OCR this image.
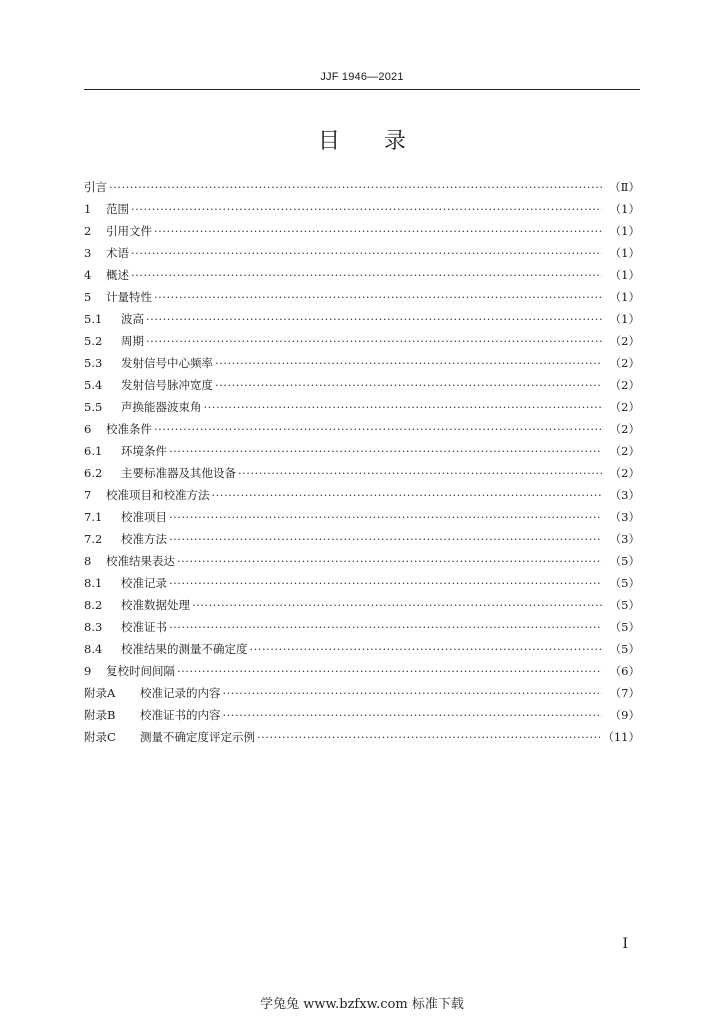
JJF 1946—2021
目 录
引言 ·····	（Ⅱ）
1	范围 ·····	（1）
2	引用文件 ·····	（1）
3	术语 ·····	（1）
4	概述 ·····	（1）
5	计量特性 ·····	（1）
5.1	波高 ·····	（1）
5.2	周期 ·····	（2）
5.3	发射信号中心频率 ·····	（2）
5.4	发射信号脉冲宽度 ·····	（2）
5.5	声换能器波束角 ·····	（2）
6	校准条件 ·····	（2）
6.1	环境条件 ·····	（2）
6.2	主要标准器及其他设备 ·····	（2）
7	校准项目和校准方法 ·····	（3）
7.1	校准项目 ·····	（3）
7.2	校准方法 ·····	（3）
8	校准结果表达 ·····	（5）
8.1	校准记录 ·····	（5）
8.2	校准数据处理 ·····	（5）
8.3	校准证书 ·····	（5）
8.4	校准结果的测量不确定度 ·····	（5）
9	复校时间间隔 ·····	（6）
附录A	校准记录的内容 ·····	（7）
附录B	校准证书的内容 ·····	（9）
附录C	测量不确定度评定示例 ·····	（11）
Ⅰ
学兔兔 www.bzfxw.com 标准下载
